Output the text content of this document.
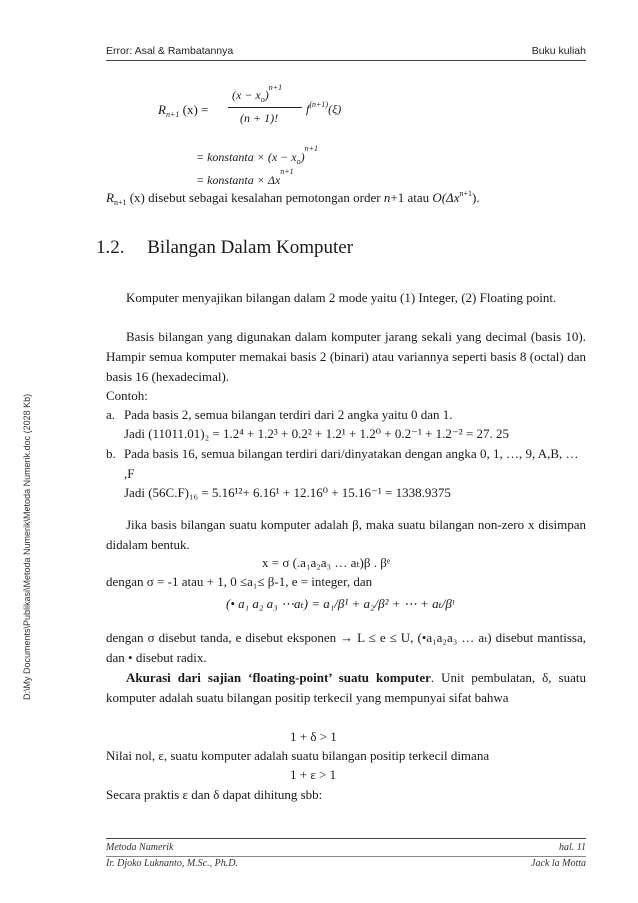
Error: Asal & Rambatannya	Buku kuliah
D:\My Documents\Publikasi\Metoda Numerik\Metoda Numerik.doc (2028 Kb)
$R_{n+1}$ (x) =
$(x - x_o)^{n+1}$
(n + 1)!
$f^{(n+1)}(\xi)$
= konstanta × $(x - x_o)^{n+1}$
= konstanta × $\Delta x^{n+1}$
$R_{n+1}$ (x) disebut sebagai kesalahan pemotongan order n+1 atau $O(\Delta x^{n+1})$.
1.2. Bilangan Dalam Komputer
Komputer menyajikan bilangan dalam 2 mode yaitu (1) Integer, (2) Floating point.
Basis bilangan yang digunakan dalam komputer jarang sekali yang decimal (basis 10). Hampir semua komputer memakai basis 2 (binari) atau variannya seperti basis 8 (octal) dan basis 16 (hexadecimal).
Contoh:
a. Pada basis 2, semua bilangan terdiri dari 2 angka yaitu 0 dan 1.
Jadi (11011.01)₂ = 1.2⁴ + 1.2³ + 0.2² + 1.2¹ + 1.2⁰ + 0.2⁻¹ + 1.2⁻² = 27. 25
b. Pada basis 16, semua bilangan terdiri dari/dinyatakan dengan angka 0, 1, …, 9, A,B, … ,F
Jadi (56C.F)₁₆ = 5.16¹²+ 6.16¹ + 12.16⁰ + 15.16⁻¹ = 1338.9375
Jika basis bilangan suatu komputer adalah β, maka suatu bilangan non-zero x disimpan didalam bentuk.
x = σ (.a₁a₂a₃ … aₜ)β . βᵉ
dengan σ = -1 atau + 1, 0 ≤a₁≤ β-1, e = integer, dan
(• a₁ a₂ a₃ ⋯aₜ) = a₁/β¹ + a₂/β² + ⋯ + aₜ/βᵗ
dengan σ disebut tanda, e disebut eksponen → L ≤ e ≤ U, (•a₁a₂a₃ … aₜ) disebut mantissa, dan • disebut radix.
Akurasi dari sajian ‘floating-point’ suatu komputer. Unit pembulatan, δ, suatu komputer adalah suatu bilangan positip terkecil yang mempunyai sifat bahwa
1 + δ > 1
Nilai nol, ε, suatu komputer adalah suatu bilangan positip terkecil dimana
1 + ε > 1
Secara praktis ε dan δ dapat dihitung sbb:
Metoda Numerik	hal. 11
Ir. Djoko Luknanto, M.Sc., Ph.D.	Jack la Motta
